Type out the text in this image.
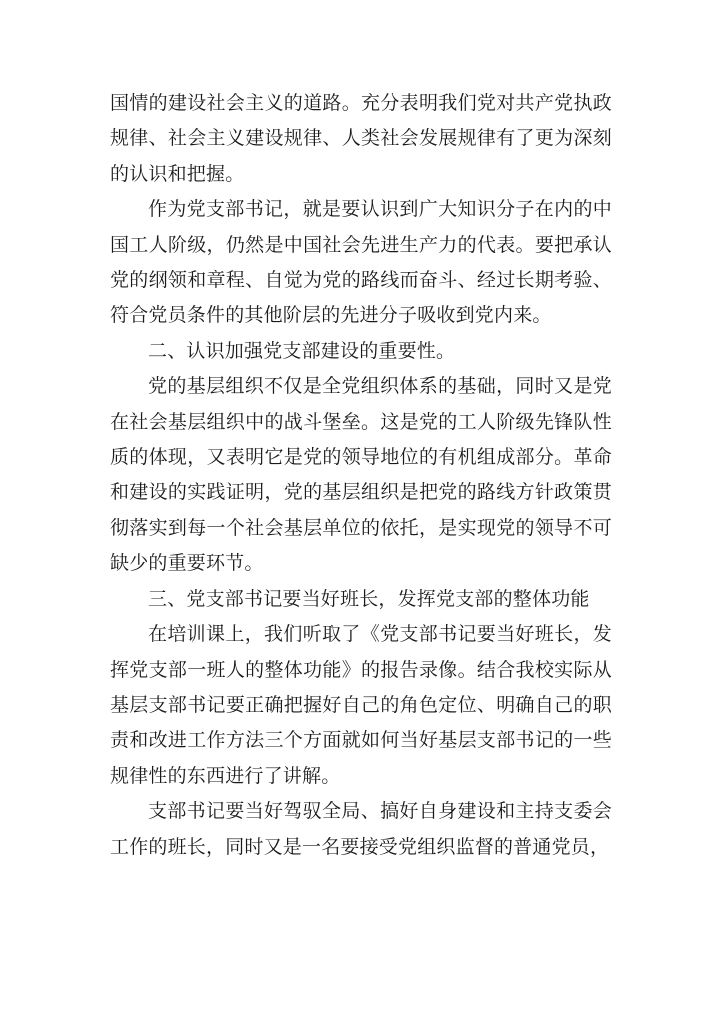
国情的建设社会主义的道路。充分表明我们党对共产党执政规律、社会主义建设规律、人类社会发展规律有了更为深刻的认识和把握。

作为党支部书记，就是要认识到广大知识分子在内的中国工人阶级，仍然是中国社会先进生产力的代表。要把承认党的纲领和章程、自觉为党的路线而奋斗、经过长期考验、符合党员条件的其他阶层的先进分子吸收到党内来。

二、认识加强党支部建设的重要性。

党的基层组织不仅是全党组织体系的基础，同时又是党在社会基层组织中的战斗堡垒。这是党的工人阶级先锋队性质的体现，又表明它是党的领导地位的有机组成部分。革命和建设的实践证明，党的基层组织是把党的路线方针政策贯彻落实到每一个社会基层单位的依托，是实现党的领导不可缺少的重要环节。

三、党支部书记要当好班长，发挥党支部的整体功能

在培训课上，我们听取了《党支部书记要当好班长，发挥党支部一班人的整体功能》的报告录像。结合我校实际从基层支部书记要正确把握好自己的角色定位、明确自己的职责和改进工作方法三个方面就如何当好基层支部书记的一些规律性的东西进行了讲解。

支部书记要当好驾驭全局、搞好自身建设和主持支委会工作的班长，同时又是一名要接受党组织监督的普通党员，
